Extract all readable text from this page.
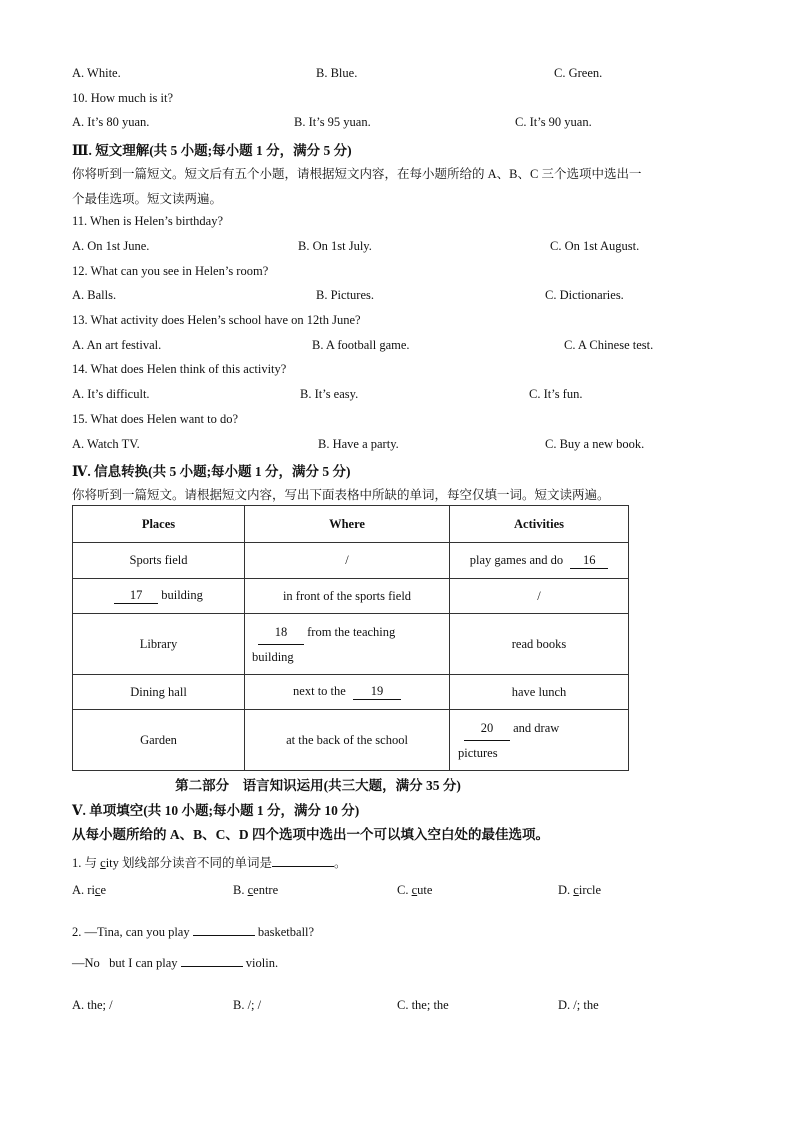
A. White.	B. Blue.	C. Green.
10. How much is it?
A. It’s 80 yuan.	B. It’s 95 yuan.	C. It’s 90 yuan.
Ⅲ. 短文理解(共 5 小题;每小题 1 分，满分 5 分)
你将听到一篇短文。短文后有五个小题，请根据短文内容，在每小题所给的 A、B、C 三个选项中选出一
个最佳选项。短文读两遍。
11. When is Helen’s birthday?
A. On 1st June.	B. On 1st July.	C. On 1st August.
12. What can you see in Helen’s room?
A. Balls.	B. Pictures.	C. Dictionaries.
13. What activity does Helen’s school have on 12th June?
A. An art festival.	B. A football game.	C. A Chinese test.
14. What does Helen think of this activity?
A. It’s difficult.	B. It’s easy.	C. It’s fun.
15. What does Helen want to do?
A. Watch TV.	B. Have a party.	C. Buy a new book.
Ⅳ. 信息转换(共 5 小题;每小题 1 分，满分 5 分)
你将听到一篇短文。请根据短文内容，写出下面表格中所缺的单词，每空仅填一词。短文读两遍。
Places	Where	Activities
Sports field	/	play games and do 16
17 building	in front of the sports field	/
Library	18 from the teaching
building	read books
Dining hall	next to the 19	have lunch
Garden	at the back of the school	20 and draw
pictures
第二部分　语言知识运用(共三大题，满分 35 分)
Ⅴ. 单项填空(共 10 小题;每小题 1 分，满分 10 分)
从每小题所给的 A、B、C、D 四个选项中选出一个可以填入空白处的最佳选项。
1. 与 city 划线部分读音不同的单词是	。
A. rice	B. centre	C. cute	D. circle
2. —Tina, can you play	basketball?
—No but I can play	violin.
A. the; /	B. /; /	C. the; the	D. /; the
